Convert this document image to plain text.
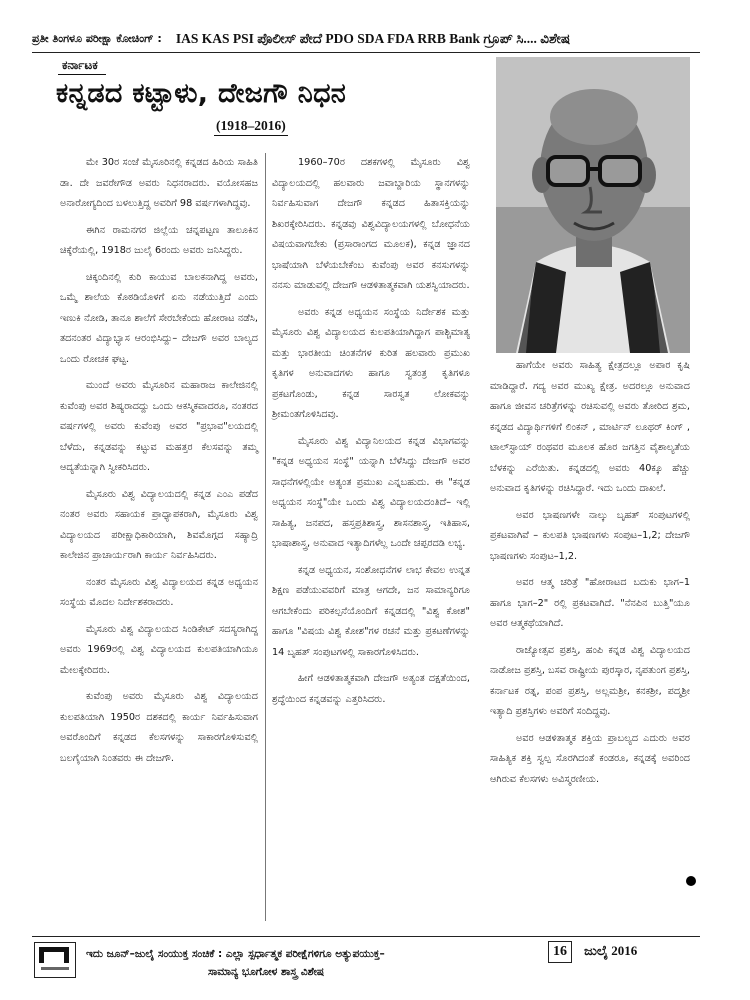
ಪ್ರತೀ ತಿಂಗಳೂ ಪರೀಕ್ಷಾ ಕೋಚಿಂಗ್ : IAS KAS PSI ಪೊಲೀಸ್ ಪೇದೆ PDO SDA FDA RRB Bank ಗ್ರೂಪ್ ಸಿ.... ವಿಶೇಷ
ಕರ್ನಾಟಕ
ಕನ್ನಡದ ಕಟ್ಟಾಳು, ದೇಜಗೌ ನಿಧನ
(1918–2016)

ಮೇ 30ರ ಸಂಜೆ ಮೈಸೂರಿನಲ್ಲಿ ಕನ್ನಡದ ಹಿರಿಯ ಸಾಹಿತಿ ಡಾ. ದೇ ಜವರೇಗೌಡ ಅವರು ನಿಧನರಾದರು. ವಯೋಸಹಜ ಅನಾರೋಗ್ಯದಿಂದ ಬಳಲುತ್ತಿದ್ದ ಅವರಿಗೆ 98 ವರ್ಷಗಳಾಗಿದ್ದವು.

ಈಗಿನ ರಾಮನಗರ ಜಿಲ್ಲೆಯ ಚನ್ನಪಟ್ಟಣ ತಾಲೂಕಿನ ಚಿಕ್ಕೆರೆಯಲ್ಲಿ, 1918ರ ಜುಲೈ 6ರಂದು ಅವರು ಜನಿಸಿದ್ದರು.

ಚಿಕ್ಕಂದಿನಲ್ಲಿ ಕುರಿ ಕಾಯುವ ಬಾಲಕನಾಗಿದ್ದ ಅವರು, ಒಮ್ಮೆ ಶಾಲೆಯ ಕೊಠಡಿಯೊಳಗೆ ಏನು ನಡೆಯುತ್ತಿದೆ ಎಂದು ಇಣುಕಿ ನೋಡಿ, ತಾನೂ ಶಾಲೆಗೆ ಸೇರಬೇಕೆಂದು ಹೋರಾಟ ನಡೆಸಿ, ತದನಂತರ ವಿದ್ಯಾಭ್ಯಾಸ ಆರಂಭಿಸಿದ್ದು– ದೇಜಗೌ ಅವರ ಬಾಲ್ಯದ ಒಂದು ರೋಚಕ ಘಟ್ಟ.

ಮುಂದೆ ಅವರು ಮೈಸೂರಿನ ಮಹಾರಾಜ ಕಾಲೇಜಿನಲ್ಲಿ ಕುವೆಂಪು ಅವರ ಶಿಷ್ಯರಾದದ್ದು ಒಂದು ಆಕಸ್ಮಿಕವಾದರೂ, ನಂತರದ ವರ್ಷಗಳಲ್ಲಿ ಅವರು ಕುವೆಂಪು ಅವರ "ಪ್ರಭಾವ"ಲಯದಲ್ಲಿ ಬೆಳೆದು, ಕನ್ನಡವನ್ನು ಕಟ್ಟುವ ಮಹತ್ತರ ಕೆಲಸವನ್ನು ತಮ್ಮ ಆದ್ಯತೆಯನ್ನಾಗಿ ಸ್ವೀಕರಿಸಿದರು.

ಮೈಸೂರು ವಿಶ್ವ ವಿದ್ಯಾಲಯದಲ್ಲಿ ಕನ್ನಡ ಎಂಎ ಪಡೆದ ನಂತರ ಅವರು ಸಹಾಯಕ ಪ್ರಾಧ್ಯಾಪಕರಾಗಿ, ಮೈಸೂರು ವಿಶ್ವ ವಿದ್ಯಾಲಯದ ಪರೀಕ್ಷಾಧಿಕಾರಿಯಾಗಿ, ಶಿವಮೊಗ್ಗದ ಸಹ್ಯಾದ್ರಿ ಕಾಲೇಜಿನ ಪ್ರಾಚಾರ್ಯರಾಗಿ ಕಾರ್ಯ ನಿರ್ವಹಿಸಿದರು.

ನಂತರ ಮೈಸೂರು ವಿಶ್ವ ವಿದ್ಯಾಲಯದ ಕನ್ನಡ ಅಧ್ಯಯನ ಸಂಸ್ಥೆಯ ಮೊದಲ ನಿರ್ದೇಶಕರಾದರು.

ಮೈಸೂರು ವಿಶ್ವ ವಿದ್ಯಾಲಯದ ಸಿಂಡಿಕೇಟ್ ಸದಸ್ಯರಾಗಿದ್ದ ಅವರು 1969ರಲ್ಲಿ ವಿಶ್ವ ವಿದ್ಯಾಲಯದ ಕುಲಪತಿಯಾಗಿಯೂ ಮೇಲಕ್ಕೇರಿದರು.

ಕುವೆಂಪು ಅವರು ಮೈಸೂರು ವಿಶ್ವ ವಿದ್ಯಾಲಯದ ಕುಲಪತಿಯಾಗಿ 1950ರ ದಶಕದಲ್ಲಿ ಕಾರ್ಯ ನಿರ್ವಹಿಸುವಾಗ ಅವರೊಂದಿಗೆ ಕನ್ನಡದ ಕೆಲಸಗಳನ್ನು ಸಾಕಾರಗೊಳಿಸುವಲ್ಲಿ ಬಲಗೈಯಾಗಿ ನಿಂತವರು ಈ ದೇಜಗೌ.

1960–70ರ ದಶಕಗಳಲ್ಲಿ ಮೈಸೂರು ವಿಶ್ವ ವಿದ್ಯಾಲಯದಲ್ಲಿ ಹಲವಾರು ಜವಾಬ್ದಾರಿಯ ಸ್ಥಾನಗಳನ್ನು ನಿರ್ವಹಿಸುವಾಗ ದೇಜಗೌ ಕನ್ನಡದ ಹಿತಾಸಕ್ತಿಯನ್ನು ಶಿಖರಕ್ಕೇರಿಸಿದರು. ಕನ್ನಡವು ವಿಶ್ವವಿದ್ಯಾಲಯಗಳಲ್ಲಿ ಬೋಧನೆಯ ವಿಷಯವಾಗಬೇಕು (ಪ್ರಸಾರಾಂಗದ ಮೂಲಕ), ಕನ್ನಡ ಜ್ಞಾನದ ಭಾಷೆಯಾಗಿ ಬೆಳೆಯಬೇಕೆಂಬ ಕುವೆಂಪು ಅವರ ಕನಸುಗಳನ್ನು ನನಸು ಮಾಡುವಲ್ಲಿ ದೇಜಗೌ ಆಡಳಿತಾತ್ಮಕವಾಗಿ ಯಶಸ್ವಿಯಾದರು.

ಅವರು ಕನ್ನಡ ಅಧ್ಯಯನ ಸಂಸ್ಥೆಯ ನಿರ್ದೇಶಕ ಮತ್ತು ಮೈಸೂರು ವಿಶ್ವ ವಿದ್ಯಾಲಯದ ಕುಲಪತಿಯಾಗಿದ್ದಾಗ ಪಾಶ್ಚಿಮಾತ್ಯ ಮತ್ತು ಭಾರತೀಯ ಚಿಂತನೆಗಳ ಕುರಿತ ಹಲವಾರು ಪ್ರಮುಖ ಕೃತಿಗಳ ಅನುವಾದಗಳು ಹಾಗೂ ಸ್ವತಂತ್ರ ಕೃತಿಗಳೂ ಪ್ರಕಟಗೊಂಡು, ಕನ್ನಡ ಸಾರಸ್ವತ ಲೋಕವನ್ನು ಶ್ರೀಮಂತಗೊಳಿಸಿದವು.

ಮೈಸೂರು ವಿಶ್ವ ವಿದ್ಯಾನಿಲಯದ ಕನ್ನಡ ವಿಭಾಗವನ್ನು "ಕನ್ನಡ ಅಧ್ಯಯನ ಸಂಸ್ಥೆ" ಯನ್ನಾಗಿ ಬೆಳೆಸಿದ್ದು ದೇಜಗೌ ಅವರ ಸಾಧನೆಗಳಲ್ಲಿಯೇ ಅತ್ಯಂತ ಪ್ರಮುಖ ಎನ್ನಬಹುದು. ಈ "ಕನ್ನಡ ಅಧ್ಯಯನ ಸಂಸ್ಥೆ"ಯೇ ಒಂದು ವಿಶ್ವ ವಿದ್ಯಾಲಯದಂತಿದೆ– ಇಲ್ಲಿ ಸಾಹಿತ್ಯ, ಜನಪದ, ಹಸ್ತಪ್ರತಿಶಾಸ್ತ್ರ, ಶಾಸನಶಾಸ್ತ್ರ, ಇತಿಹಾಸ, ಭಾಷಾಶಾಸ್ತ್ರ, ಅನುವಾದ ಇತ್ಯಾದಿಗಳೆಲ್ಲ ಒಂದೇ ಚಪ್ಪರದಡಿ ಲಭ್ಯ.

ಕನ್ನಡ ಅಧ್ಯಯನ, ಸಂಶೋಧನೆಗಳ ಲಾಭ ಕೇವಲ ಉನ್ನತ ಶಿಕ್ಷಣ ಪಡೆಯುವವರಿಗೆ ಮಾತ್ರ ಆಗದೇ, ಜನ ಸಾಮಾನ್ಯರಿಗೂ ಆಗಬೇಕೆಂದು ಪರಿಕಲ್ಪನೆಯೊಂದಿಗೆ ಕನ್ನಡದಲ್ಲಿ "ವಿಶ್ವ ಕೋಶ" ಹಾಗೂ "ವಿಷಯ ವಿಶ್ವ ಕೋಶ"ಗಳ ರಚನೆ ಮತ್ತು ಪ್ರಕಟಣೆಗಳನ್ನು 14 ಬೃಹತ್ ಸಂಪುಟಗಳಲ್ಲಿ ಸಾಕಾರಗೊಳಿಸಿದರು.

ಹೀಗೆ ಆಡಳಿತಾತ್ಮಕವಾಗಿ ದೇಜಗೌ ಅತ್ಯಂತ ದಕ್ಷತೆಯಿಂದ, ಶ್ರದ್ಧೆಯಿಂದ ಕನ್ನಡವನ್ನು ಎತ್ತರಿಸಿದರು.

ಹಾಗೆಯೇ ಅವರು ಸಾಹಿತ್ಯ ಕ್ಷೇತ್ರದಲ್ಲೂ ಅಪಾರ ಕೃಷಿ ಮಾಡಿದ್ದಾರೆ. ಗದ್ಯ ಅವರ ಮುಖ್ಯ ಕ್ಷೇತ್ರ. ಅದರಲ್ಲೂ ಅನುವಾದ ಹಾಗೂ ಜೀವನ ಚರಿತ್ರೆಗಳನ್ನು ರಚಿಸುವಲ್ಲಿ ಅವರು ತೋರಿದ ಶ್ರಮ, ಕನ್ನಡದ ವಿದ್ಯಾರ್ಥಿಗಳಿಗೆ ಲಿಂಕನ್ , ಮಾರ್ಟಿನ್ ಲೂಥರ್ ಕಿಂಗ್ , ಟಾಲ್‌ಸ್ಟಾಯ್ ರಂಥವರ ಮೂಲಕ ಹೊರ ಜಗತ್ತಿನ ವೈಶಾಲ್ಯತೆಯ ಬೆಳಕನ್ನು ಎರೆಯಿತು. ಕನ್ನಡದಲ್ಲಿ ಅವರು 40ಕ್ಕೂ ಹೆಚ್ಚು ಅನುವಾದ ಕೃತಿಗಳನ್ನು ರಚಿಸಿದ್ದಾರೆ. ಇದು ಒಂದು ದಾಖಲೆ.

ಅವರ ಭಾಷಣಗಳೇ ನಾಲ್ಕು ಬೃಹತ್ ಸಂಪುಟಗಳಲ್ಲಿ ಪ್ರಕಟವಾಗಿವೆ – ಕುಲಪತಿ ಭಾಷಣಗಳು ಸಂಪುಟ–1,2; ದೇಜಗೌ ಭಾಷಣಗಳು ಸಂಪುಟ–1,2.

ಅವರ ಆತ್ಮ ಚರಿತ್ರೆ "ಹೋರಾಟದ ಬದುಕು ಭಾಗ–1 ಹಾಗೂ ಭಾಗ–2" ರಲ್ಲಿ ಪ್ರಕಟವಾಗಿದೆ. "ನೆನಪಿನ ಬುತ್ತಿ"ಯೂ ಅವರ ಆತ್ಮಕಥೆಯಾಗಿದೆ.

ರಾಜ್ಯೋತ್ಸವ ಪ್ರಶಸ್ತಿ, ಹಂಪಿ ಕನ್ನಡ ವಿಶ್ವ ವಿದ್ಯಾಲಯದ ನಾಡೋಜ ಪ್ರಶಸ್ತಿ, ಬಸವ ರಾಷ್ಟ್ರೀಯ ಪುರಸ್ಕಾರ, ನೃಪತುಂಗ ಪ್ರಶಸ್ತಿ, ಕರ್ನಾಟಕ ರತ್ನ, ಪಂಪ ಪ್ರಶಸ್ತಿ, ಅಲ್ಲಮಶ್ರೀ, ಕನಕಶ್ರೀ, ಪದ್ಮಶ್ರೀ ಇತ್ಯಾದಿ ಪ್ರಶಸ್ತಿಗಳು ಅವರಿಗೆ ಸಂದಿದ್ದವು.

ಅವರ ಆಡಳಿತಾತ್ಮಕ ಶಕ್ತಿಯ ಪ್ರಾಬಲ್ಯದ ಎದುರು ಅವರ ಸಾಹಿತ್ಯಿಕ ಶಕ್ತಿ ಸ್ವಲ್ಪ ಸೊರಗಿದಂತೆ ಕಂಡರೂ, ಕನ್ನಡಕ್ಕೆ ಅವರಿಂದ ಆಗಿರುವ ಕೆಲಸಗಳು ಅವಿಸ್ಮರಣೀಯ.

ಇದು ಜೂನ್–ಜುಲೈ ಸಂಯುಕ್ತ ಸಂಚಿಕೆ : ಎಲ್ಲಾ ಸ್ಪರ್ಧಾತ್ಮಕ ಪರೀಕ್ಷೆಗಳಿಗೂ ಅತ್ಯುಪಯುಕ್ತ–
ಸಾಮಾನ್ಯ ಭೂಗೋಳ ಶಾಸ್ತ್ರ ವಿಶೇಷ
16	ಜುಲೈ 2016
